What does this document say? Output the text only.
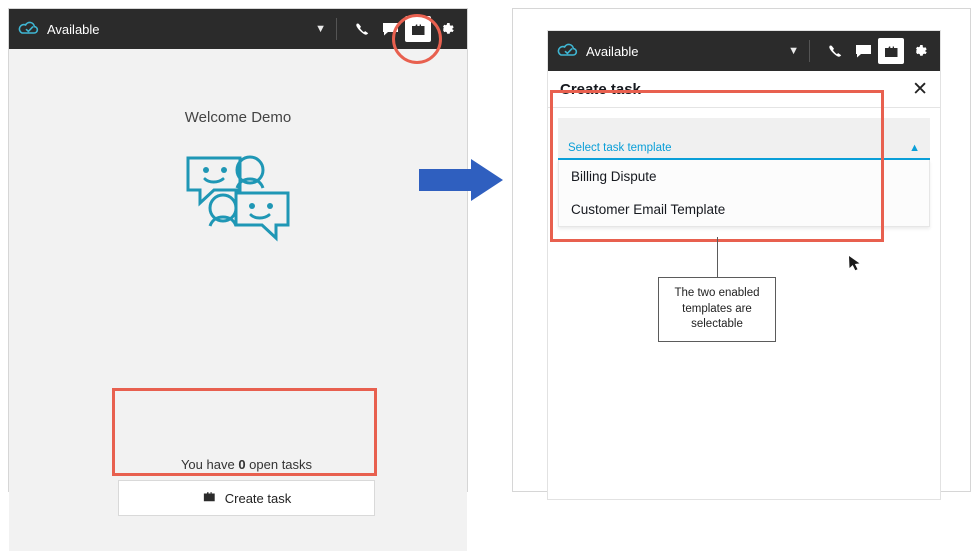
Available	▼
Welcome Demo
You have 0 open tasks
Create task
Available	▼
Create task	✕
Select task template	▲
Billing Dispute
Customer Email Template
The two enabled templates are selectable
